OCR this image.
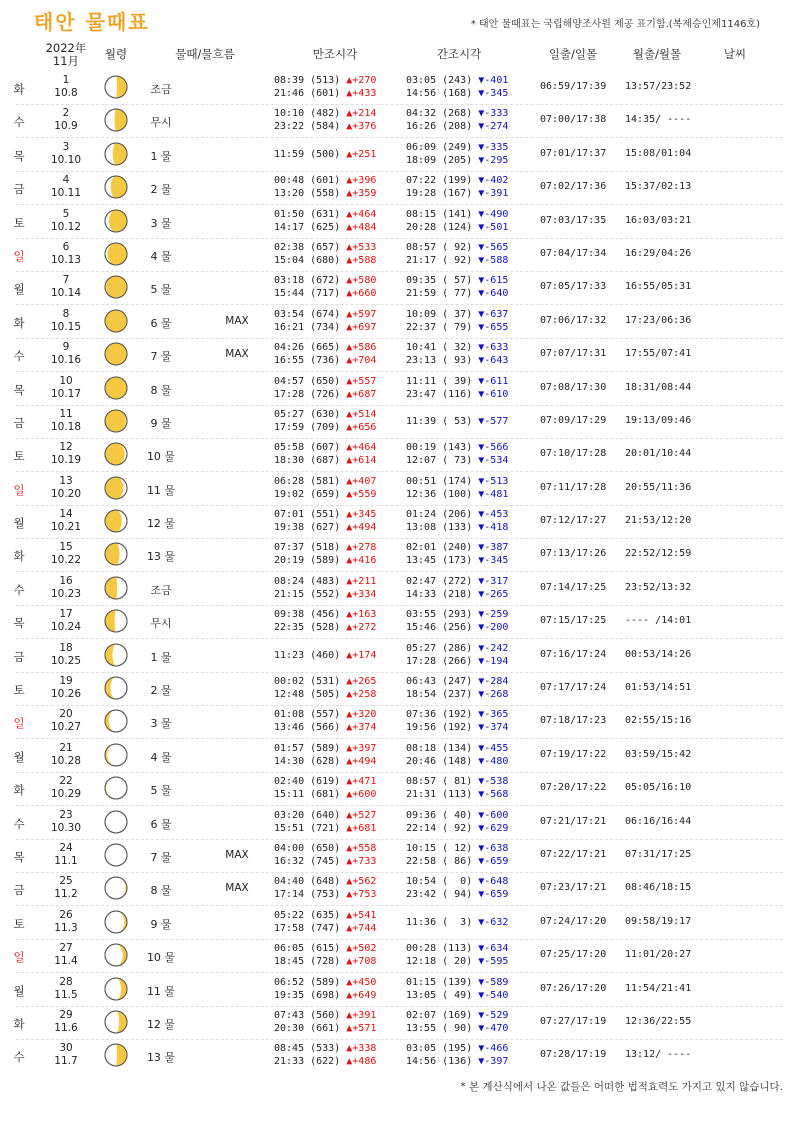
태안 물때표	* 태안 물때표는 국립해양조사원 제공 표기함.(복제승인제1146호)
2022年
11月	월령	물때/물흐름	만조시각	간조시각	일출/일몰	월출/월몰	날씨
화
1
10.8	조금
08:39 (513) ▲+270
21:46 (601) ▲+433
03:05 (243) ▼-401
14:56 (168) ▼-345
06:59/17:39 13:57/23:52
수
2
10.9	무시
10:10 (482) ▲+214
23:22 (584) ▲+376
04:32 (268) ▼-333
16:26 (208) ▼-274
07:00/17:38 14:35/ ----
목
3
10.10	1 물	11:59 (500) ▲+251
06:09 (249) ▼-335
18:09 (205) ▼-295
07:01/17:37 15:08/01:04
금
4
10.11	2 물
00:48 (601) ▲+396
13:20 (558) ▲+359
07:22 (199) ▼-402
19:28 (167) ▼-391
07:02/17:36 15:37/02:13
토
5
10.12	3 물
01:50 (631) ▲+464
14:17 (625) ▲+484
08:15 (141) ▼-490
20:28 (124) ▼-501
07:03/17:35 16:03/03:21
일
6
10.13	4 물
02:38 (657) ▲+533
15:04 (680) ▲+588
08:57 ( 92) ▼-565
21:17 ( 92) ▼-588
07:04/17:34 16:29/04:26
월
7
10.14	5 물
03:18 (672) ▲+580
15:44 (717) ▲+660
09:35 ( 57) ▼-615
21:59 ( 77) ▼-640
07:05/17:33 16:55/05:31
화
8
10.15	6 물	MAX
03:54 (674) ▲+597
16:21 (734) ▲+697
10:09 ( 37) ▼-637
22:37 ( 79) ▼-655
07:06/17:32 17:23/06:36
수
9
10.16	7 물	MAX
04:26 (665) ▲+586
16:55 (736) ▲+704
10:41 ( 32) ▼-633
23:13 ( 93) ▼-643
07:07/17:31 17:55/07:41
목
10
10.17	8 물
04:57 (650) ▲+557
17:28 (726) ▲+687
11:11 ( 39) ▼-611
23:47 (116) ▼-610
07:08/17:30 18:31/08:44
금
11
10.18	9 물
05:27 (630) ▲+514
17:59 (709) ▲+656
11:39 ( 53) ▼-577	07:09/17:29 19:13/09:46
토
12
10.19	10 물
05:58 (607) ▲+464
18:30 (687) ▲+614
00:19 (143) ▼-566
12:07 ( 73) ▼-534
07:10/17:28 20:01/10:44
일
13
10.20	11 물
06:28 (581) ▲+407
19:02 (659) ▲+559
00:51 (174) ▼-513
12:36 (100) ▼-481
07:11/17:28 20:55/11:36
월
14
10.21	12 물
07:01 (551) ▲+345
19:38 (627) ▲+494
01:24 (206) ▼-453
13:08 (133) ▼-418
07:12/17:27 21:53/12:20
화
15
10.22	13 물
07:37 (518) ▲+278
20:19 (589) ▲+416
02:01 (240) ▼-387
13:45 (173) ▼-345
07:13/17:26 22:52/12:59
수
16
10.23	조금
08:24 (483) ▲+211
21:15 (552) ▲+334
02:47 (272) ▼-317
14:33 (218) ▼-265
07:14/17:25 23:52/13:32
목
17
10.24	무시
09:38 (456) ▲+163
22:35 (528) ▲+272
03:55 (293) ▼-259
15:46 (256) ▼-200
07:15/17:25 ---- /14:01
금
18
10.25	1 물	11:23 (460) ▲+174
05:27 (286) ▼-242
17:28 (266) ▼-194
07:16/17:24 00:53/14:26
토
19
10.26	2 물
00:02 (531) ▲+265
12:48 (505) ▲+258
06:43 (247) ▼-284
18:54 (237) ▼-268
07:17/17:24 01:53/14:51
일
20
10.27	3 물
01:08 (557) ▲+320
13:46 (566) ▲+374
07:36 (192) ▼-365
19:56 (192) ▼-374
07:18/17:23 02:55/15:16
월
21
10.28	4 물
01:57 (589) ▲+397
14:30 (628) ▲+494
08:18 (134) ▼-455
20:46 (148) ▼-480
07:19/17:22 03:59/15:42
화
22
10.29	5 물
02:40 (619) ▲+471
15:11 (681) ▲+600
08:57 ( 81) ▼-538
21:31 (113) ▼-568
07:20/17:22 05:05/16:10
수
23
10.30	6 물
03:20 (640) ▲+527
15:51 (721) ▲+681
09:36 ( 40) ▼-600
22:14 ( 92) ▼-629
07:21/17:21 06:16/16:44
목
24
11.1	7 물	MAX
04:00 (650) ▲+558
16:32 (745) ▲+733
10:15 ( 12) ▼-638
22:58 ( 86) ▼-659
07:22/17:21 07:31/17:25
금
25
11.2	8 물	MAX
04:40 (648) ▲+562
17:14 (753) ▲+753
10:54 (  0) ▼-648
23:42 ( 94) ▼-659
07:23/17:21 08:46/18:15
토
26
11.3	9 물
05:22 (635) ▲+541
17:58 (747) ▲+744
11:36 (  3) ▼-632	07:24/17:20 09:58/19:17
일
27
11.4	10 물
06:05 (615) ▲+502
18:45 (728) ▲+708
00:28 (113) ▼-634
12:18 ( 20) ▼-595
07:25/17:20 11:01/20:27
월
28
11.5	11 물
06:52 (589) ▲+450
19:35 (698) ▲+649
01:15 (139) ▼-589
13:05 ( 49) ▼-540
07:26/17:20 11:54/21:41
화
29
11.6	12 물
07:43 (560) ▲+391
20:30 (661) ▲+571
02:07 (169) ▼-529
13:55 ( 90) ▼-470
07:27/17:19 12:36/22:55
수
30
11.7	13 물
08:45 (533) ▲+338
21:33 (622) ▲+486
03:05 (195) ▼-466
14:56 (136) ▼-397
07:28/17:19 13:12/ ----
* 본 계산식에서 나온 값들은 어떠한 법적효력도 가지고 있지 않습니다.
